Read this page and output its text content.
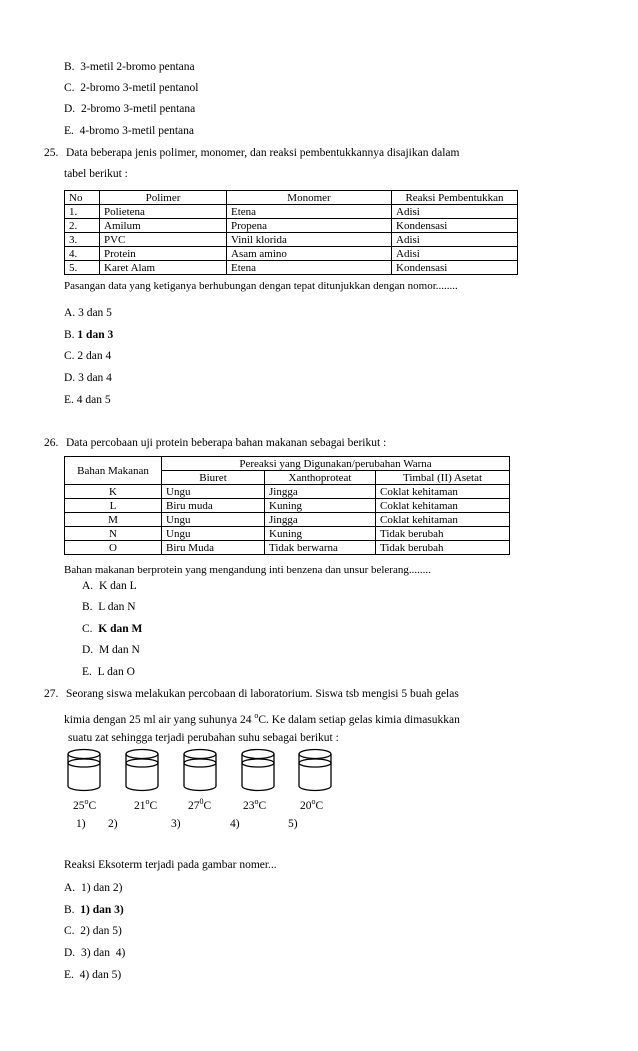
B. 3-metil 2-bromo pentana
C. 2-bromo 3-metil pentanol
D. 2-bromo 3-metil pentana
E. 4-bromo 3-metil pentana
25. Data beberapa jenis polimer, monomer, dan reaksi pembentukkannya disajikan dalam
tabel berikut :
No	Polimer	Monomer	Reaksi Pembentukkan
1.	Polietena	Etena	Adisi
2.	Amilum	Propena	Kondensasi
3.	PVC	Vinil klorida	Adisi
4.	Protein	Asam amino	Adisi
5.	Karet Alam	Etena	Kondensasi
Pasangan data yang ketiganya berhubungan dengan tepat ditunjukkan dengan nomor........
A. 3 dan 5
B. 1 dan 3
C. 2 dan 4
D. 3 dan 4
E. 4 dan 5
26. Data percobaan uji protein beberapa bahan makanan sebagai berikut :
Bahan Makanan	Pereaksi yang Digunakan/perubahan Warna		
	Biuret	Xanthoproteat	Timbal (II) Asetat
K	Ungu	Jingga	Coklat kehitaman
L	Biru muda	Kuning	Coklat kehitaman
M	Ungu	Jingga	Coklat kehitaman
N	Ungu	Kuning	Tidak berubah
O	Biru Muda	Tidak berwarna	Tidak berubah
Bahan makanan berprotein yang mengandung inti benzena dan unsur belerang........
A. K dan L
B. L dan N
C. K dan M
D. M dan N
E. L dan O
27. Seorang siswa melakukan percobaan di laboratorium. Siswa tsb mengisi 5 buah gelas
kimia dengan 25 ml air yang suhunya 24 $^o$C. Ke dalam setiap gelas kimia dimasukkan
suatu zat sehingga terjadi perubahan suhu sebagai berikut :
25$^o$C	21$^o$C	$27^0C$	23$^o$C	20$^o$C
1) 2)	3)	4)	5)
Reaksi Eksoterm terjadi pada gambar nomer...
A. 1) dan 2)
B. 1) dan 3)
C. 2) dan 5)
D. 3) dan  4)
E. 4) dan 5)
